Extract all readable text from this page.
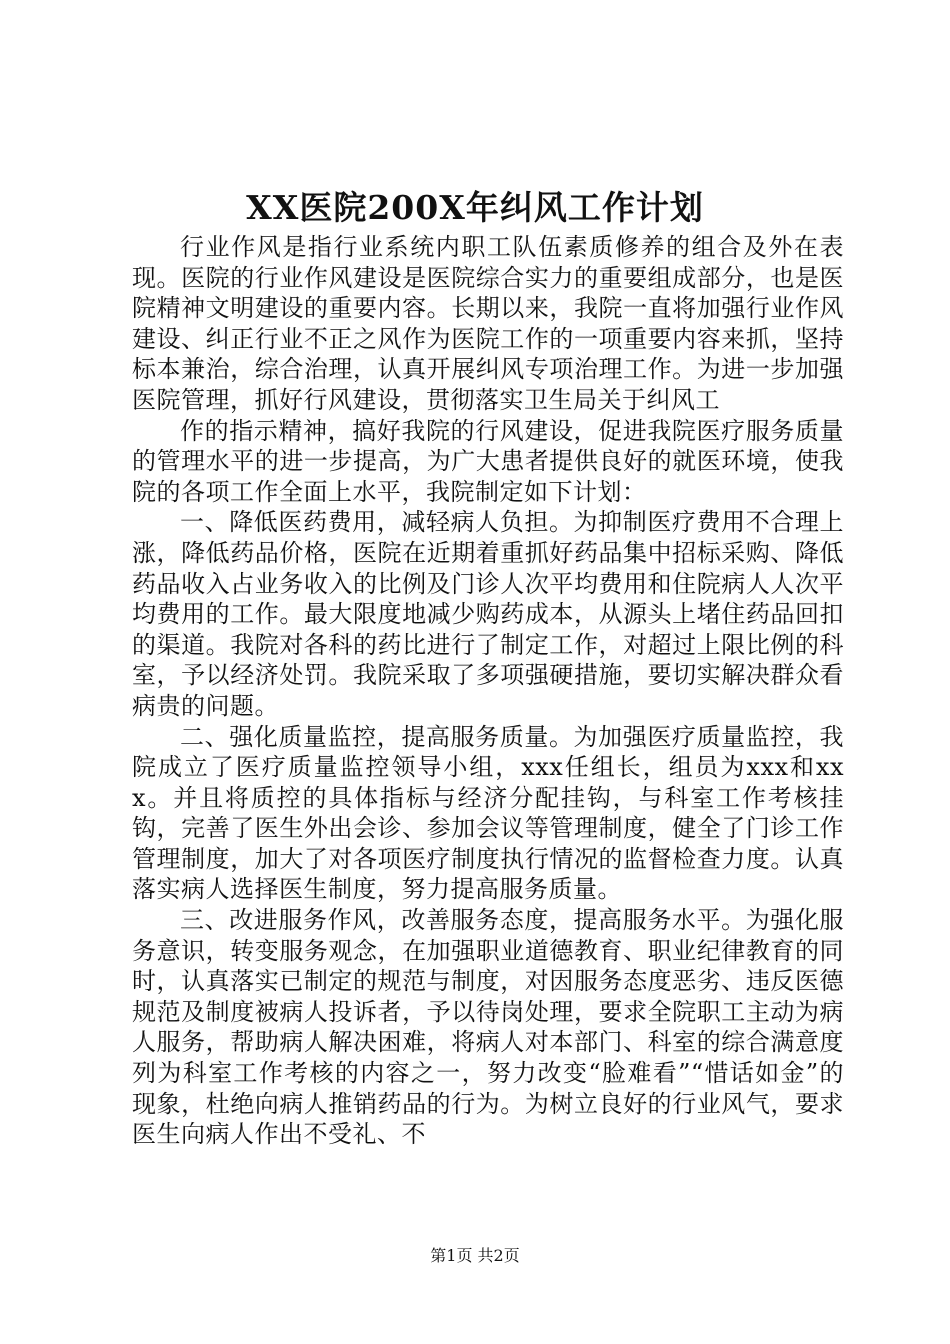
XX医院200X年纠风工作计划

行业作风是指行业系统内职工队伍素质修养的组合及外在表现。医院的行业作风建设是医院综合实力的重要组成部分，也是医院精神文明建设的重要内容。长期以来，我院一直将加强行业作风建设、纠正行业不正之风作为医院工作的一项重要内容来抓，坚持标本兼治，综合治理，认真开展纠风专项治理工作。为进一步加强医院管理，抓好行风建设，贯彻落实卫生局关于纠风工

作的指示精神，搞好我院的行风建设，促进我院医疗服务质量的管理水平的进一步提高，为广大患者提供良好的就医环境，使我院的各项工作全面上水平，我院制定如下计划：

一、降低医药费用，减轻病人负担。为抑制医疗费用不合理上涨，降低药品价格，医院在近期着重抓好药品集中招标采购、降低药品收入占业务收入的比例及门诊人次平均费用和住院病人人次平均费用的工作。最大限度地减少购药成本，从源头上堵住药品回扣的渠道。我院对各科的药比进行了制定工作，对超过上限比例的科室，予以经济处罚。我院采取了多项强硬措施，要切实解决群众看病贵的问题。

二、强化质量监控，提高服务质量。为加强医疗质量监控，我院成立了医疗质量监控领导小组，xxx任组长，组员为xxx和xxx。并且将质控的具体指标与经济分配挂钩，与科室工作考核挂钩，完善了医生外出会诊、参加会议等管理制度，健全了门诊工作管理制度，加大了对各项医疗制度执行情况的监督检查力度。认真落实病人选择医生制度，努力提高服务质量。

三、改进服务作风，改善服务态度，提高服务水平。为强化服务意识，转变服务观念，在加强职业道德教育、职业纪律教育的同时，认真落实已制定的规范与制度，对因服务态度恶劣、违反医德规范及制度被病人投诉者，予以待岗处理，要求全院职工主动为病人服务，帮助病人解决困难，将病人对本部门、科室的综合满意度列为科室工作考核的内容之一，努力改变“脸难看”“惜话如金”的现象，杜绝向病人推销药品的行为。为树立良好的行业风气，要求医生向病人作出不受礼、不

第1页 共2页
